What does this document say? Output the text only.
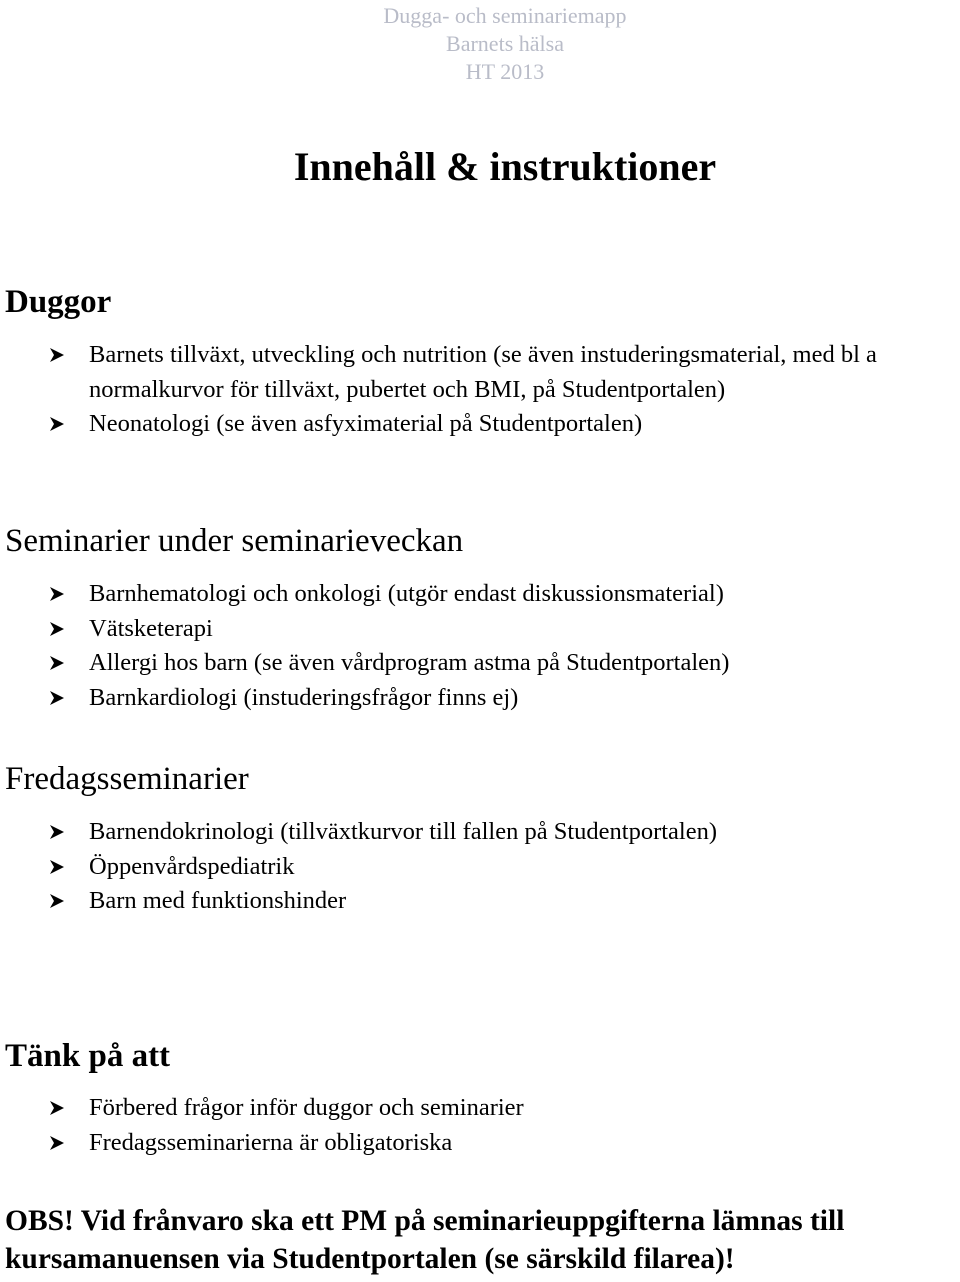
Dugga- och seminariemapp
Barnets hälsa
HT 2013
Innehåll & instruktioner
Duggor
Barnets tillväxt, utveckling och nutrition (se även instuderingsmaterial, med bl a normalkurvor för tillväxt, pubertet och BMI, på Studentportalen)
Neonatologi (se även asfyximaterial på Studentportalen)
Seminarier under seminarieveckan
Barnhematologi och onkologi (utgör endast diskussionsmaterial)
Vätsketerapi
Allergi hos barn (se även vårdprogram astma på Studentportalen)
Barnkardiologi (instuderingsfrågor finns ej)
Fredagsseminarier
Barnendokrinologi (tillväxtkurvor till fallen på Studentportalen)
Öppenvårdspediatrik
Barn med funktionshinder
Tänk på att
Förbered frågor inför duggor och seminarier
Fredagsseminarierna är obligatoriska
OBS! Vid frånvaro ska ett PM på seminarieuppgifterna lämnas till
kursamanuensen via Studentportalen (se särskild filarea)!
